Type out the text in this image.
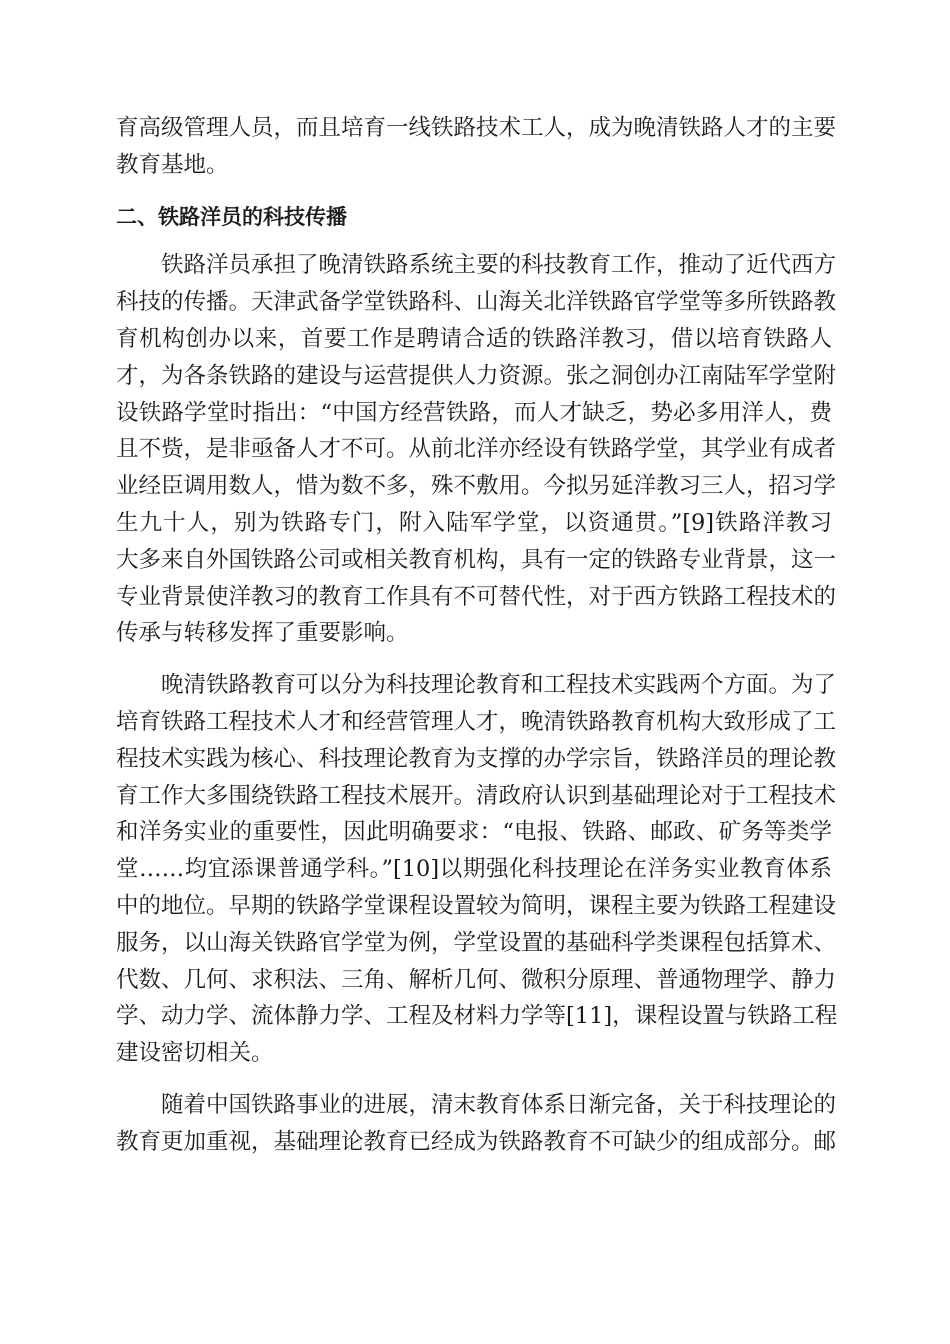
育高级管理人员，而且培育一线铁路技术工人，成为晚清铁路人才的主要
教育基地。
二、铁路洋员的科技传播
铁路洋员承担了晚清铁路系统主要的科技教育工作，推动了近代西方
科技的传播。天津武备学堂铁路科、山海关北洋铁路官学堂等多所铁路教
育机构创办以来，首要工作是聘请合适的铁路洋教习，借以培育铁路人
才，为各条铁路的建设与运营提供人力资源。张之洞创办江南陆军学堂附
设铁路学堂时指出：“中国方经营铁路，而人才缺乏，势必多用洋人，费
且不赀，是非亟备人才不可。从前北洋亦经设有铁路学堂，其学业有成者
业经臣调用数人，惜为数不多，殊不敷用。今拟另延洋教习三人，招习学
生九十人，别为铁路专门，附入陆军学堂，以资通贯。”[9]铁路洋教习
大多来自外国铁路公司或相关教育机构，具有一定的铁路专业背景，这一
专业背景使洋教习的教育工作具有不可替代性，对于西方铁路工程技术的
传承与转移发挥了重要影响。
晚清铁路教育可以分为科技理论教育和工程技术实践两个方面。为了
培育铁路工程技术人才和经营管理人才，晚清铁路教育机构大致形成了工
程技术实践为核心、科技理论教育为支撑的办学宗旨，铁路洋员的理论教
育工作大多围绕铁路工程技术展开。清政府认识到基础理论对于工程技术
和洋务实业的重要性，因此明确要求：“电报、铁路、邮政、矿务等类学
堂……均宜添课普通学科。”[10]以期强化科技理论在洋务实业教育体系
中的地位。早期的铁路学堂课程设置较为简明，课程主要为铁路工程建设
服务，以山海关铁路官学堂为例，学堂设置的基础科学类课程包括算术、
代数、几何、求积法、三角、解析几何、微积分原理、普通物理学、静力
学、动力学、流体静力学、工程及材料力学等[11]，课程设置与铁路工程
建设密切相关。
随着中国铁路事业的进展，清末教育体系日渐完备，关于科技理论的
教育更加重视，基础理论教育已经成为铁路教育不可缺少的组成部分。邮
